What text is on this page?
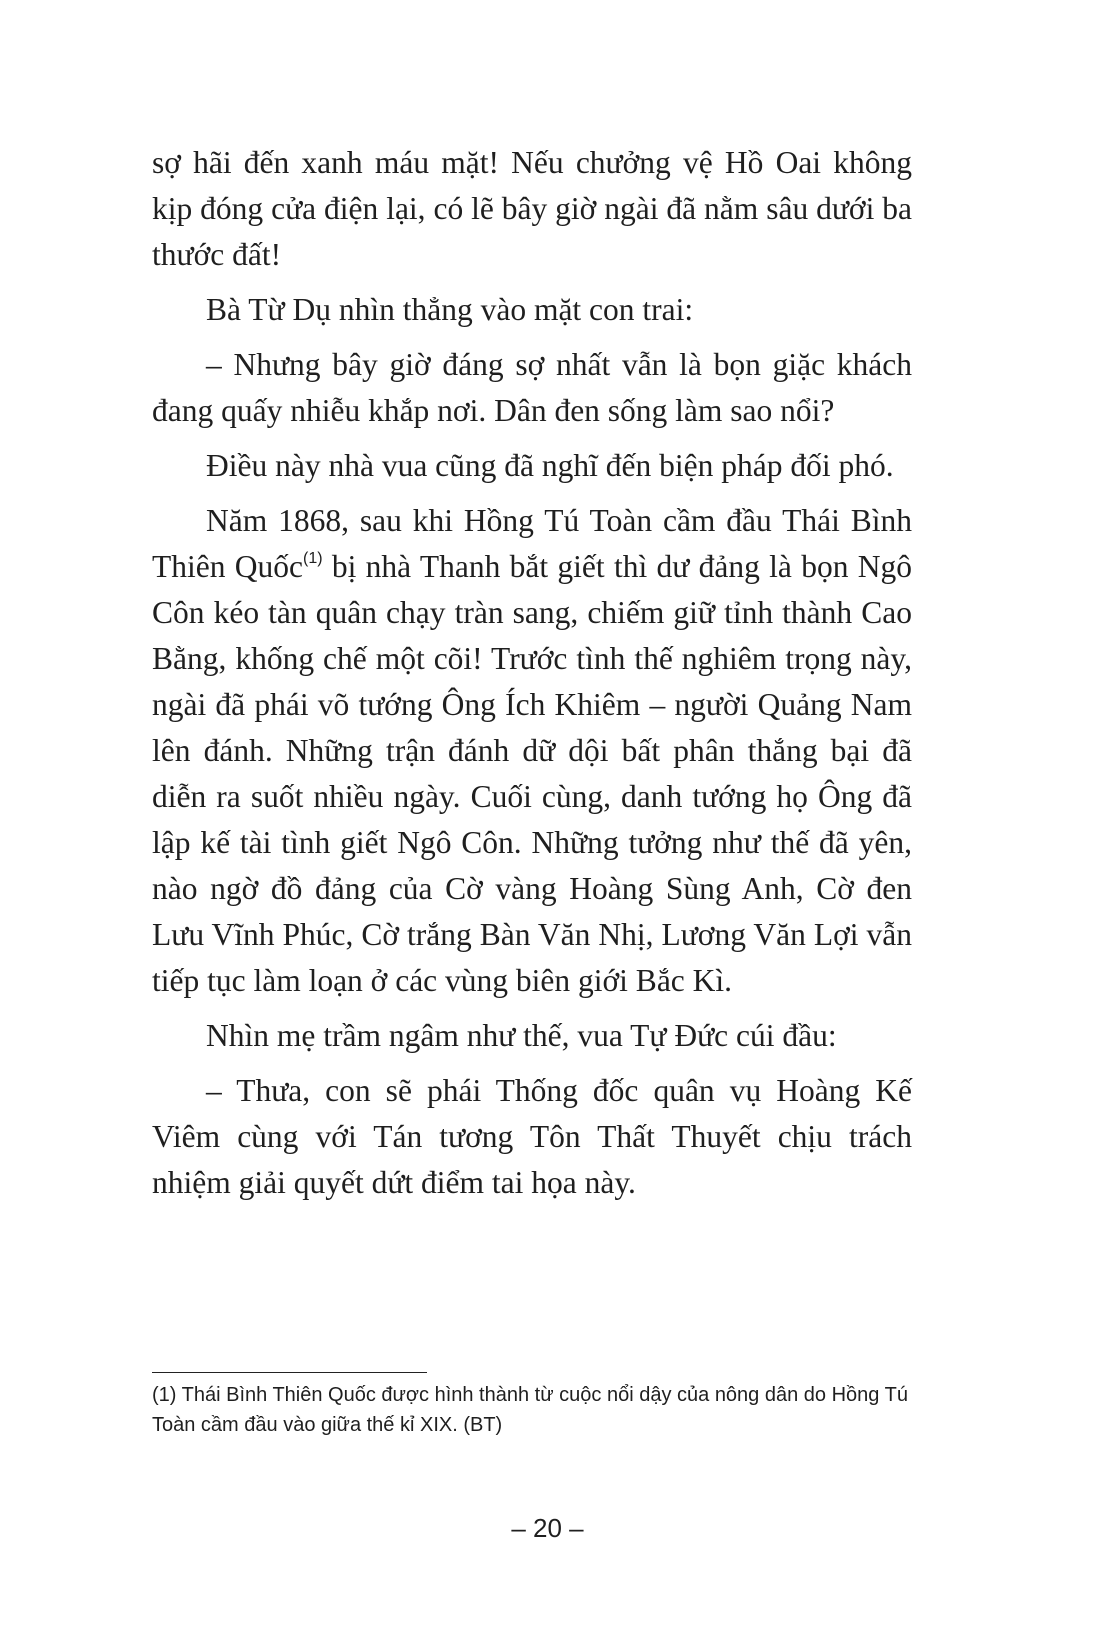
sợ hãi đến xanh máu mặt! Nếu chưởng vệ Hồ Oai không kịp đóng cửa điện lại, có lẽ bây giờ ngài đã nằm sâu dưới ba thước đất!

Bà Từ Dụ nhìn thẳng vào mặt con trai:

– Nhưng bây giờ đáng sợ nhất vẫn là bọn giặc khách đang quấy nhiễu khắp nơi. Dân đen sống làm sao nổi?

Điều này nhà vua cũng đã nghĩ đến biện pháp đối phó.

Năm 1868, sau khi Hồng Tú Toàn cầm đầu Thái Bình Thiên Quốc$^{(1)}$ bị nhà Thanh bắt giết thì dư đảng là bọn Ngô Côn kéo tàn quân chạy tràn sang, chiếm giữ tỉnh thành Cao Bằng, khống chế một cõi! Trước tình thế nghiêm trọng này, ngài đã phái võ tướng Ông Ích Khiêm – người Quảng Nam lên đánh. Những trận đánh dữ dội bất phân thắng bại đã diễn ra suốt nhiều ngày. Cuối cùng, danh tướng họ Ông đã lập kế tài tình giết Ngô Côn. Những tưởng như thế đã yên, nào ngờ đồ đảng của Cờ vàng Hoàng Sùng Anh, Cờ đen Lưu Vĩnh Phúc, Cờ trắng Bàn Văn Nhị, Lương Văn Lợi vẫn tiếp tục làm loạn ở các vùng biên giới Bắc Kì.

Nhìn mẹ trầm ngâm như thế, vua Tự Đức cúi đầu:

– Thưa, con sẽ phái Thống đốc quân vụ Hoàng Kế Viêm cùng với Tán tương Tôn Thất Thuyết chịu trách nhiệm giải quyết dứt điểm tai họa này.

(1) Thái Bình Thiên Quốc được hình thành từ cuộc nổi dậy của nông dân do Hồng Tú Toàn cầm đầu vào giữa thế kỉ XIX. (BT)

– 20 –
